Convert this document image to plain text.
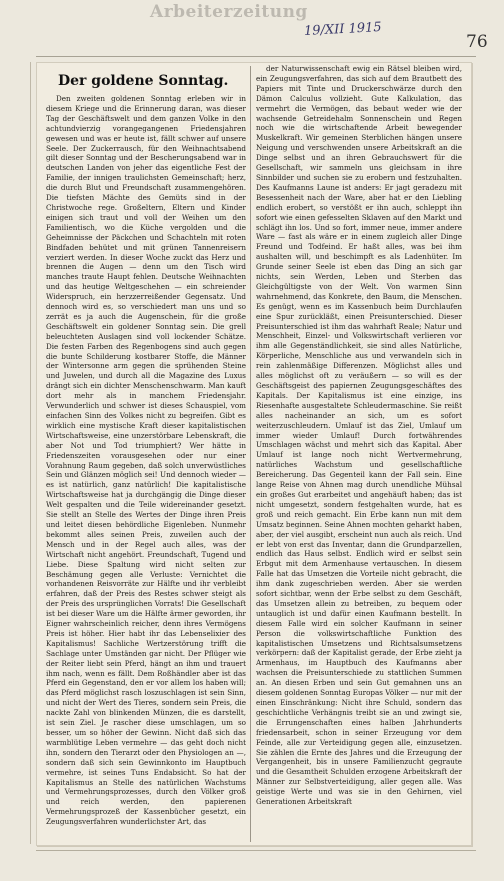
Arbeiterzeitung
19/XII 1915
76
Der goldene Sonntag.

Den zweiten goldenen Sonntag erleben wir in diesem Kriege und die Erinnerung daran, was dieser Tag der Geschäftswelt und dem ganzen Volke in den achtundvierzig vorangegangenen Friedensjahren gewesen und was er heute ist, fällt schwer auf unsere Seele. Der Zuckerrausch, für den Weihnachtsabend gilt dieser Sonntag und der Bescherungsabend war in deutschen Landen von jeher das eigentliche Fest der Familie, der innigen traulichsten Gemeinschaft; herz, die durch Blut und Freundschaft zusammengehören. Die tiefsten Mächte des Gemüts sind in der Christwoche rege. Großeltern, Eltern und Kinder einigen sich traut und voll der Weihen um den Familientisch, wo die Küche vergolden und die Geheimnisse der Päckchen und Schachteln mit roten Bindfaden behütet und mit grünen Tannenreisern verziert werden. In dieser Woche zuckt das Herz und brennen die Augen — denn um den Tisch wird manches traute Haupt fehlen. Deutsche Weihnachten und das heutige Weltgeschehen — ein schreiender Widerspruch, ein herzzerreißender Gegensatz. Und dennoch wird es, so verschiedert man uns und so zerrät es ja auch die Augenschein, für die große Geschäftswelt ein goldener Sonntag sein. Die grell beleuchteten Auslagen sind voll lockender Schätze. Die festen Farben des Regenbogens sind auch gegen die bunte Schilderung kostbarer Stoffe, die Männer der Wintersonne arm gegen die sprühenden Steine und Juwelen, und durch all die Magazine des Luxus drängt sich ein dichter Menschenschwarm. Man kauft dort mehr als in manchem Friedensjahr. Verwunderlich und schwer ist dieses Schauspiel, vom einfachen Sinn des Volkes nicht zu begreifen. Gibt es wirklich eine mystische Kraft dieser kapitalistischen Wirtschaftsweise, eine unzerstörbare Lebenskraft, die aber Not und Tod triumphiert? Wer hätte in Friedenszeiten vorausgesehen oder nur einer Vorahnung Raum gegeben, daß solch unverwüstliches Sein und Glänzen möglich sei! Und dennoch wieder — es ist natürlich, ganz natürlich! Die kapitalistische Wirtschaftsweise hat ja durchgängig die Dinge dieser Welt gespalten und die Teile widereinander gesetzt. Sie stellt an Stelle des Wertes der Dinge ihren Preis und leitet diesen behördliche Eigenleben. Nunmehr bekommt alles seinen Preis, zuweilen auch der Mensch und in der Regel auch alles, was der Wirtschaft nicht angehört. Freundschaft, Tugend und Liebe. Diese Spaltung wird nicht selten zur Beschämung gegen alle Verluste: Vernichtet die vorhandenen Reisvorräte zur Hälfte und ihr verbleibt erfahren, daß der Preis des Restes schwer steigt als der Preis des ursprünglichen Vorrats! Die Gesellschaft ist bei dieser Ware um die Hälfte ärmer geworden, ihr Eigner wahrscheinlich reicher, denn ihres Vermögens Preis ist höher. Hier habt ihr das Lebenselixier des Kapitalismus! Sachliche Wertzerstörung trifft die Sachlage unter Umständen gar nicht. Der Pflüger wie der Reiter liebt sein Pferd, hängt an ihm und trauert ihm nach, wenn es fällt. Dem Roßhändler aber ist das Pferd ein Gegenstand, den er vor allem los haben will; das Pferd möglichst rasch loszuschlagen ist sein Sinn, und nicht der Wert des Tieres, sondern sein Preis, die nackte Zahl von blinkenden Münzen, die es darstellt, ist sein Ziel. Je rascher diese umschlagen, um so besser, um so höher der Gewinn. Nicht daß sich das warmblütige Leben vermehre — das geht doch nicht ihn, sondern den Tierarzt oder den Physiologen an —, sondern daß sich sein Gewinnkonto im Hauptbuch vermehre, ist seines Tuns Endabsicht. So hat der Kapitalismus an Stelle des natürlichen Wachstums und Vermehrungsprozesses, durch den Völker groß und reich werden, den papierenen Vermehrungsprozeß der Kassenbücher gesetzt, ein Zeugungsverfahren wunderlichster Art, das

der Naturwissenschaft ewig ein Rätsel bleiben wird, ein Zeugungsverfahren, das sich auf dem Brautbett des Papiers mit Tinte und Druckerschwärze durch den Dämon Calculus vollzieht. Gute Kalkulation, das vermehrt die Vermögen, das bebaut weder wie der wachsende Getreidehalm Sonnenschein und Regen noch wie die wirtschaftende Arbeit bewegender Muskelkraft. Wir gemeinen Sterblichen hängen unsere Neigung und verschwenden unsere Arbeitskraft an die Dinge selbst und an ihren Gebrauchswert für die Gesellschaft, wir sammeln uns gleichsam in ihre Sinnbilder und suchen sie zu erobern und festzuhalten. Des Kaufmanns Laune ist anders: Er jagt geradezu mit Besessenheit nach der Ware, aber hat er den Liebling endlich erobert, so verstößt er ihn auch, schleppt ihn sofort wie einen gefesselten Sklaven auf den Markt und schlägt ihn los. Und so fort, immer neue, immer andere Ware — fast als wäre er in einem zugleich aller Dinge Freund und Todfeind. Er haßt alles, was bei ihm aushalten will, und beschimpft es als Ladenhüter. Im Grunde seiner Seele ist eben das Ding an sich gar nichts, sein Werden, Leben und Sterben das Gleichgültigste von der Welt. Von warmen Sinn wahrnehmend, das Konkrete, den Baum, die Menschen. Es genügt, wenn es im Kassenbuch beim Durchlaufen eine Spur zurückläßt, einen Preisunterschied. Dieser Preisunterschied ist ihm das wahrhaft Reale; Natur und Menschheit, Einzel- und Volkswirtschaft verlieren vor ihm alle Gegenständlichkeit, sie sind alles Natürliche, Körperliche, Menschliche aus und verwandeln sich in rein zahlenmäßige Differenzen. Möglichst alles und alles möglichst oft zu veräußern — so will es der Geschäftsgeist des papiernen Zeugungsgeschäftes des Kapitals. Der Kapitalismus ist eine einzige, ins Riesenhafte ausgestaltete Schleudermaschine. Sie reißt alles nacheinander an sich, um es sofort weiterzuschleudern. Umlauf ist das Ziel, Umlauf um immer wieder Umlauf! Durch fortwährendes Umschlagen wächst und mehrt sich das Kapital. Aber Umlauf ist lange noch nicht Wertvermehrung, natürliches Wachstum und gesellschaftliche Bereicherung. Das Gegenteil kann der Fall sein. Eine lange Reise von Ahnen mag durch unendliche Mühsal ein großes Gut erarbeitet und angehäuft haben; das ist nicht umgesetzt, sondern festgehalten wurde, hat es groß und reich gemacht. Ein Erbe kann nun mit dem Umsatz beginnen. Seine Ahnen mochten geharkt haben, aber, der viel ausgibt, erscheint nun auch als reich. Und er lebt von erst das Inventar, dann die Grundparzellen, endlich das Haus selbst. Endlich wird er selbst sein Erbgut mit dem Armenhause vertauschen. In diesem Falle hat das Umsetzen die Vorteile nicht gebracht, die ihm dank zugeschrieben werden. Aber sie werden sofort sichtbar, wenn der Erbe selbst zu dem Geschäft, das Umsetzen allein zu betreiben, zu bequem oder untauglich ist und dafür einen Kaufmann bestellt. In diesem Falle wird ein solcher Kaufmann in seiner Person die volkswirtschaftliche Funktion des kapitalistischen Umsetzens und Richtsalsumsetzens verkörpern: daß der Kapitalist gerade, der Erbe zieht ja Armenhaus, im Hauptbuch des Kaufmanns aber wachsen die Preisunterschiede zu stattlichen Summen an. An diesen Erben und sein Gut gemahnen uns an diesem goldenen Sonntag Europas Völker — nur mit der einen Einschränkung: Nicht ihre Schuld, sondern das geschichtliche Verhängnis treibt sie an und zwingt sie, die Errungenschaften eines halben Jahrhunderts friedensarbeit, schon in seiner Erzeugung vor dem Feinde, alle zur Verteidigung gegen alle, einzusetzen. Sie zählen die Ernte des Jahres und die Erzeugung der Vergangenheit, bis in unsere Familienzucht gegraute und die Gesamtheit Schulden erzogene Arbeitskraft der Männer zur Selbstverteidigung, aller gegen alle. Was geistige Werte und was sie in den Gehirnen, viel Generationen Arbeitskraft
